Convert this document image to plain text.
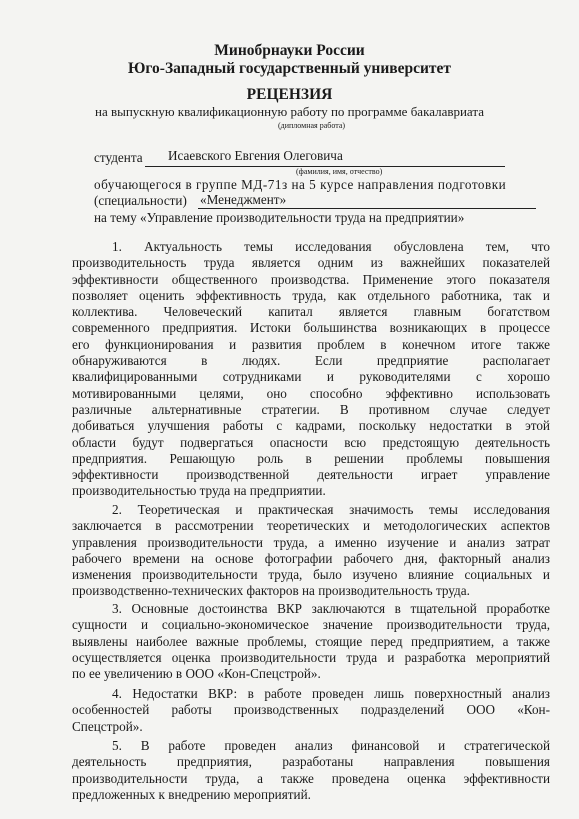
Минобрнауки России
Юго-Западный государственный университет
РЕЦЕНЗИЯ
на выпускную квалификационную работу по программе бакалавриата
(дипломная работа)
студента Исаевского Евгения Олеговича
(фамилия, имя, отчество)
обучающегося в группе МД-71з на 5 курсе направления подготовки
(специальности) «Менеджмент»
на тему «Управление производительности труда на предприятии»
1. Актуальность темы исследования обусловлена тем, что
производительность труда является одним из важнейших показателей
эффективности общественного производства. Применение этого показателя
позволяет оценить эффективность труда, как отдельного работника, так и
коллектива. Человеческий капитал является главным богатством
современного предприятия. Истоки большинства возникающих в процессе
его функционирования и развития проблем в конечном итоге также
обнаруживаются в людях. Если предприятие располагает
квалифицированными сотрудниками и руководителями с хорошо
мотивированными целями, оно способно эффективно использовать
различные альтернативные стратегии. В противном случае следует
добиваться улучшения работы с кадрами, поскольку недостатки в этой
области будут подвергаться опасности всю предстоящую деятельность
предприятия. Решающую роль в решении проблемы повышения
эффективности производственной деятельности играет управление
производительностью труда на предприятии.
2. Теоретическая и практическая значимость темы исследования
заключается в рассмотрении теоретических и методологических аспектов
управления производительности труда, а именно изучение и анализ затрат
рабочего времени на основе фотографии рабочего дня, факторный анализ
изменения производительности труда, было изучено влияние социальных и
производственно-технических факторов на производительность труда.
3. Основные достоинства ВКР заключаются в тщательной проработке
сущности и социально-экономическое значение производительности труда,
выявлены наиболее важные проблемы, стоящие перед предприятием, а также
осуществляется оценка производительности труда и разработка мероприятий
по ее увеличению в ООО «Кон-Спецстрой».
4. Недостатки ВКР: в работе проведен лишь поверхностный анализ
особенностей работы производственных подразделений ООО «Кон-
Спецстрой».
5. В работе проведен анализ финансовой и стратегической
деятельность предприятия, разработаны направления повышения
производительности труда, а также проведена оценка эффективности
предложенных к внедрению мероприятий.
